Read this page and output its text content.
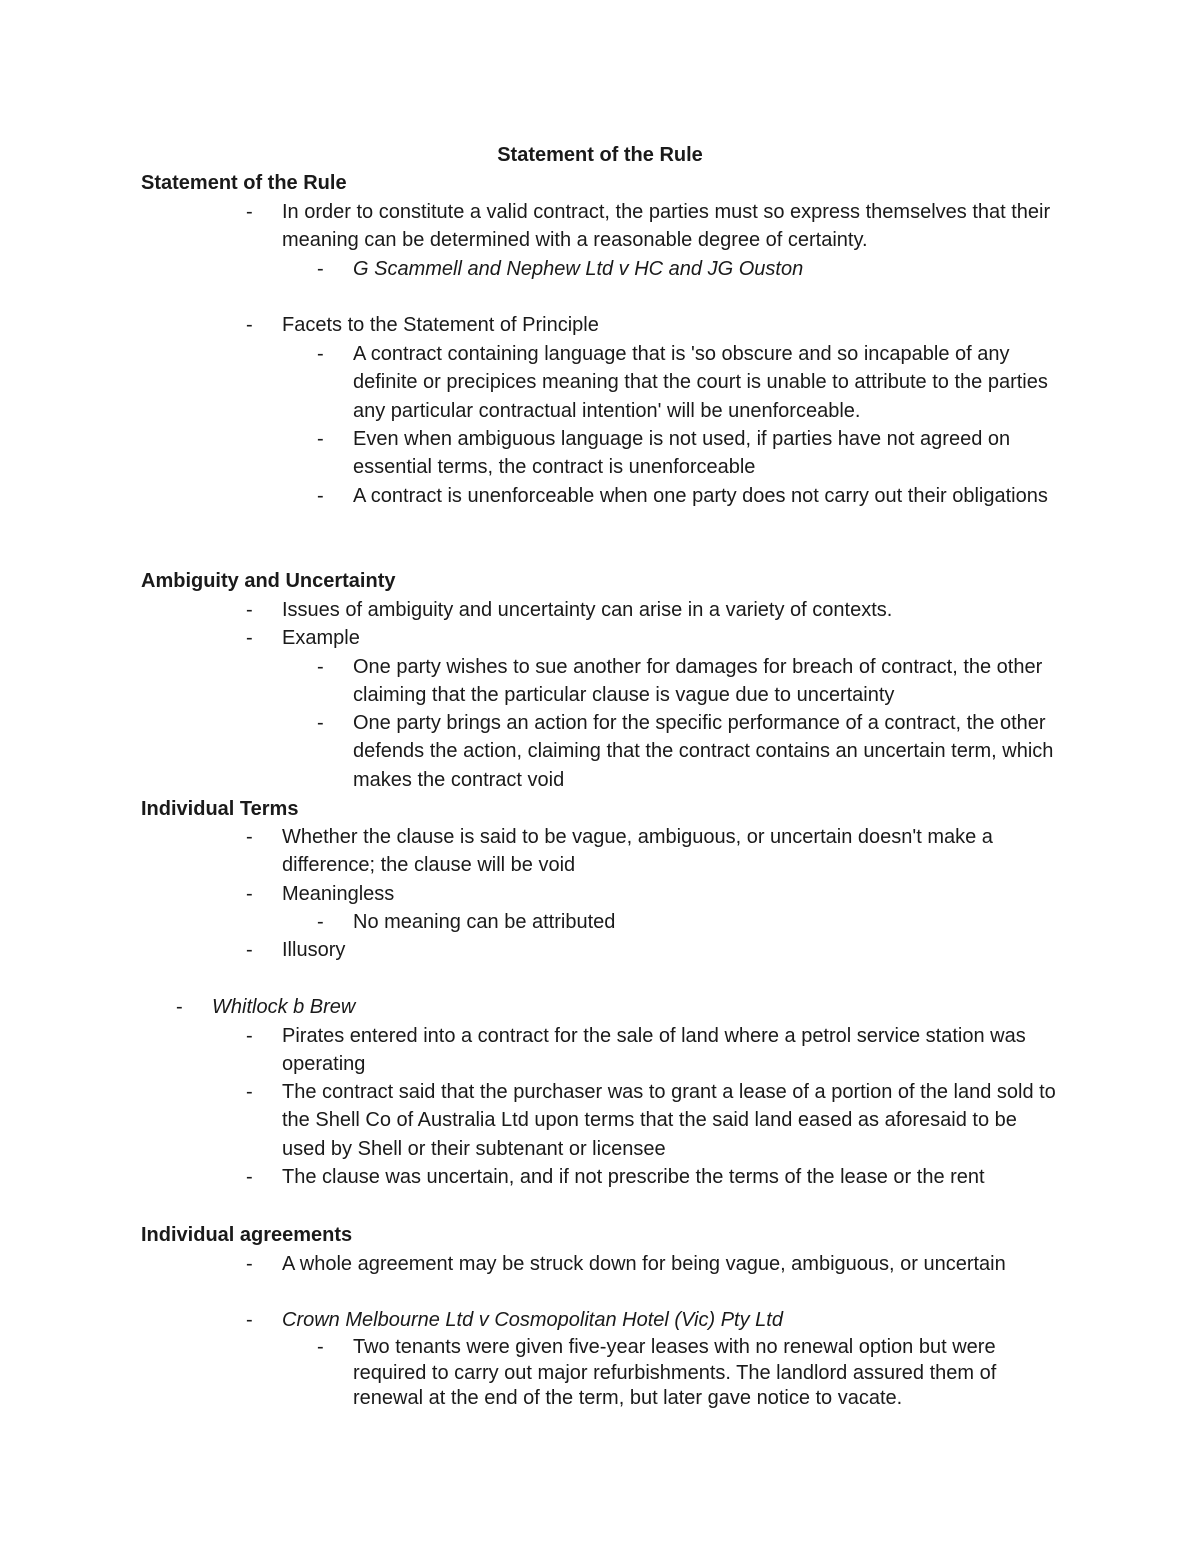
Statement of the Rule
Statement of the Rule
- In order to constitute a valid contract, the parties must so express themselves that their meaning can be determined with a reasonable degree of certainty.
- G Scammell and Nephew Ltd v HC and JG Ouston
- Facets to the Statement of Principle
- A contract containing language that is 'so obscure and so incapable of any definite or precipices meaning that the court is unable to attribute to the parties any particular contractual intention' will be unenforceable.
- Even when ambiguous language is not used, if parties have not agreed on essential terms, the contract is unenforceable
- A contract is unenforceable when one party does not carry out their obligations
Ambiguity and Uncertainty
- Issues of ambiguity and uncertainty can arise in a variety of contexts.
- Example
- One party wishes to sue another for damages for breach of contract, the other claiming that the particular clause is vague due to uncertainty
- One party brings an action for the specific performance of a contract, the other defends the action, claiming that the contract contains an uncertain term, which makes the contract void
Individual Terms
- Whether the clause is said to be vague, ambiguous, or uncertain doesn't make a difference; the clause will be void
- Meaningless
- No meaning can be attributed
- Illusory
- Whitlock b Brew
- Pirates entered into a contract for the sale of land where a petrol service station was operating
- The contract said that the purchaser was to grant a lease of a portion of the land sold to the Shell Co of Australia Ltd upon terms that the said land eased as aforesaid to be used by Shell or their subtenant or licensee
- The clause was uncertain, and if not prescribe the terms of the lease or the rent
Individual agreements
- A whole agreement may be struck down for being vague, ambiguous, or uncertain
- Crown Melbourne Ltd v Cosmopolitan Hotel (Vic) Pty Ltd
- Two tenants were given five-year leases with no renewal option but were required to carry out major refurbishments. The landlord assured them of renewal at the end of the term, but later gave notice to vacate.
